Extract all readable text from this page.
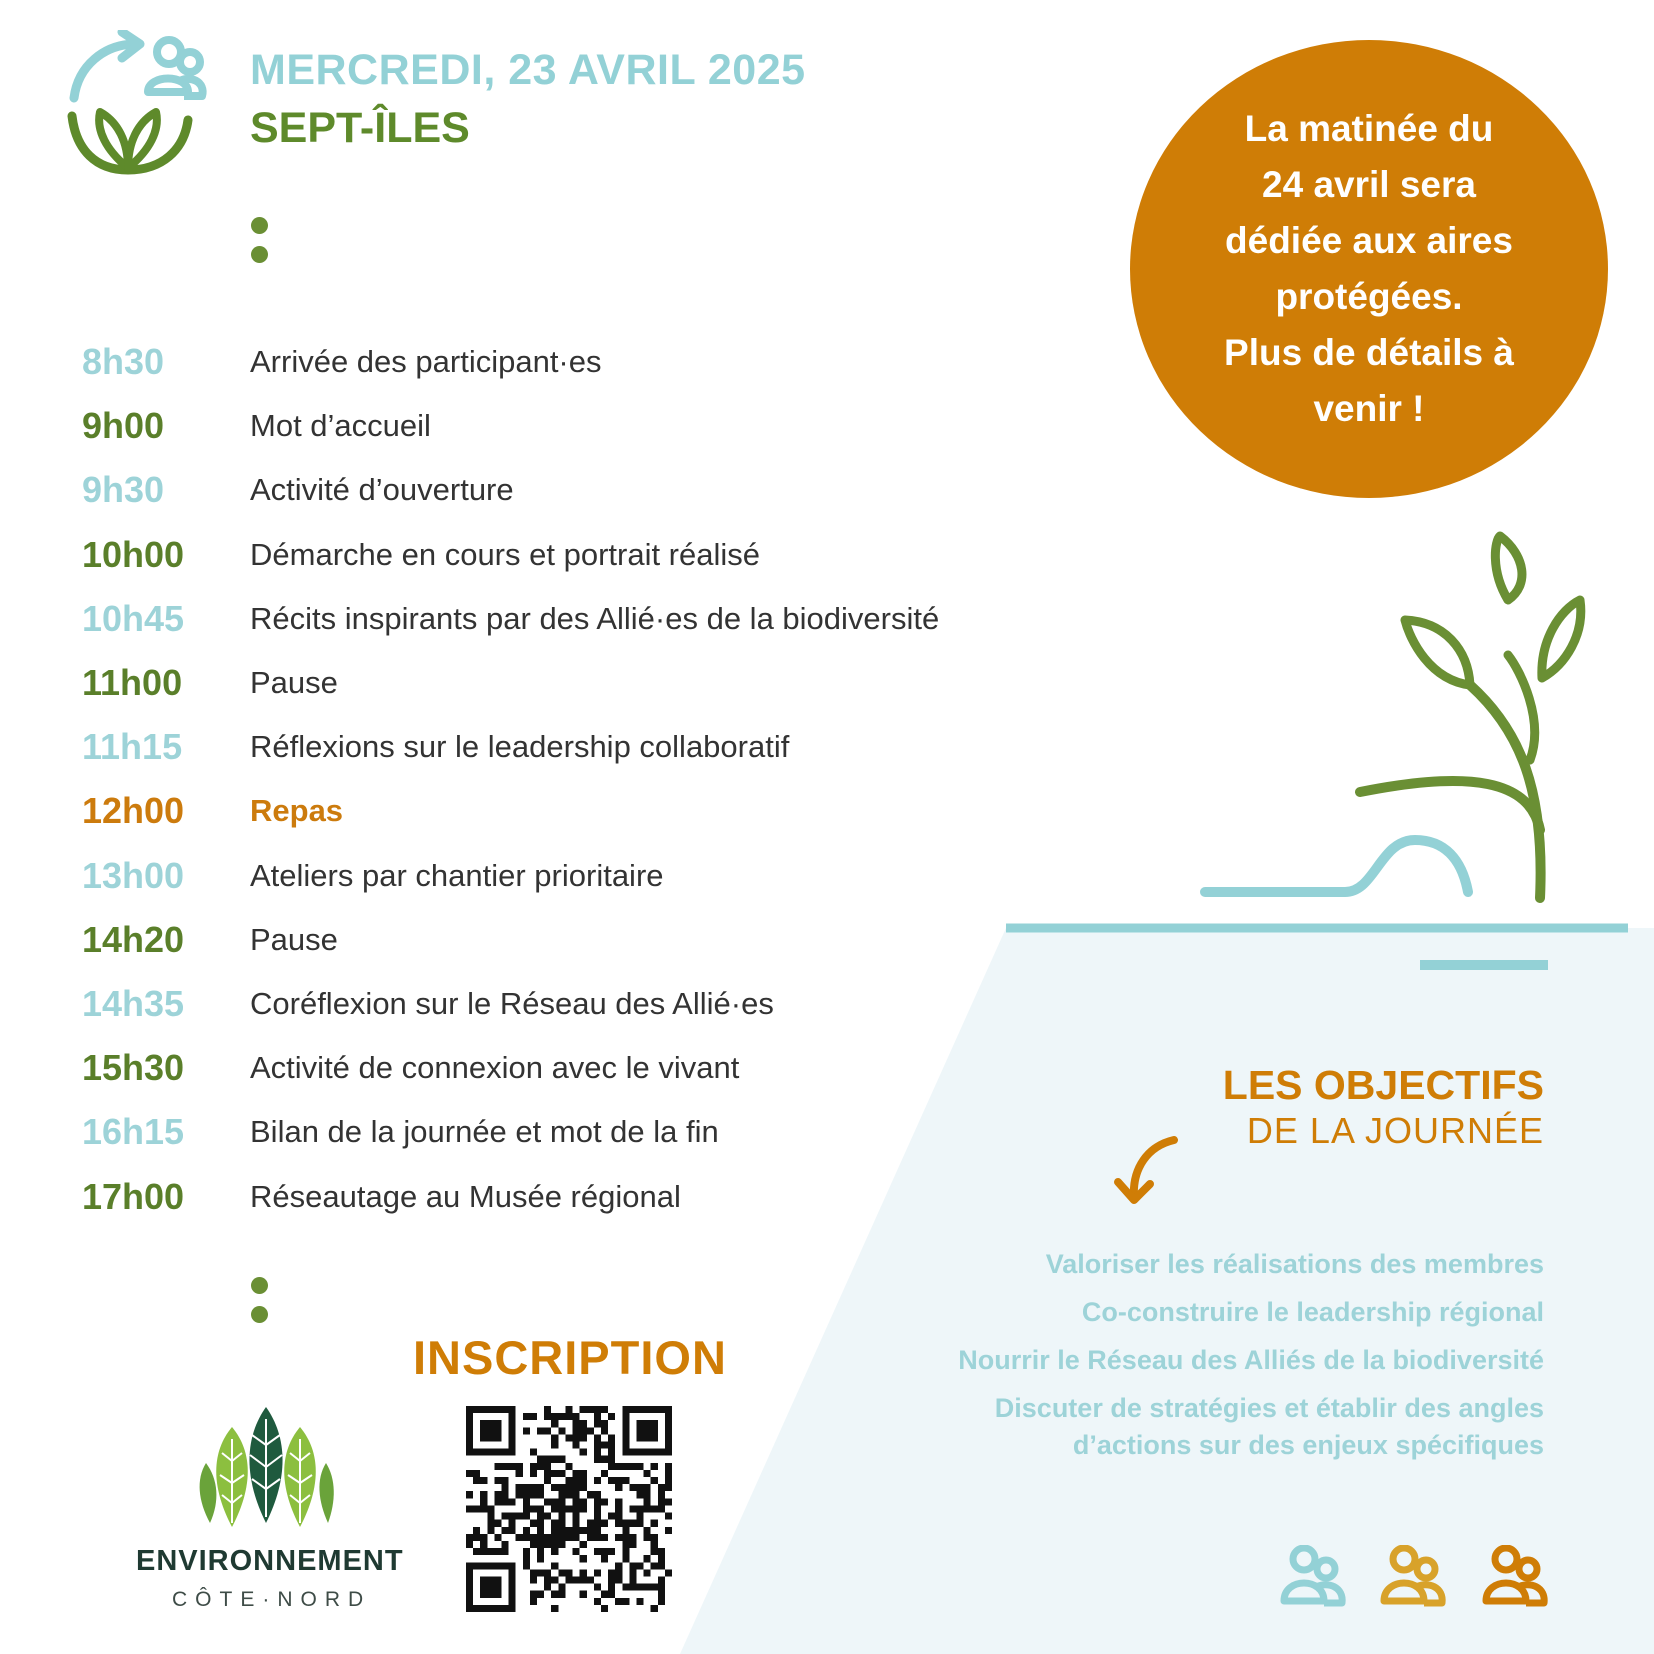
MERCREDI, 23 AVRIL 2025
SEPT-ÎLES
8h30	Arrivée des participant·es
9h00	Mot d’accueil
9h30	Activité d’ouverture
10h00	Démarche en cours et portrait réalisé
10h45	Récits inspirants par des Allié·es de la biodiversité
11h00	Pause
11h15	Réflexions sur le leadership collaboratif
12h00	Repas
13h00	Ateliers par chantier prioritaire
14h20	Pause
14h35	Coréflexion sur le Réseau des Allié·es
15h30	Activité de connexion avec le vivant
16h15	Bilan de la journée et mot de la fin
17h00	Réseautage au Musée régional

La matinée du
24 avril sera
dédiée aux aires
protégées.
Plus de détails à
venir !

LES OBJECTIFS
DE LA JOURNÉE
Valoriser les réalisations des membres
Co-construire le leadership régional
Nourrir le Réseau des Alliés de la biodiversité
Discuter de stratégies et établir des angles
d’actions sur des enjeux spécifiques
INSCRIPTION
ENVIRONNEMENT
CÔTE·NORD
